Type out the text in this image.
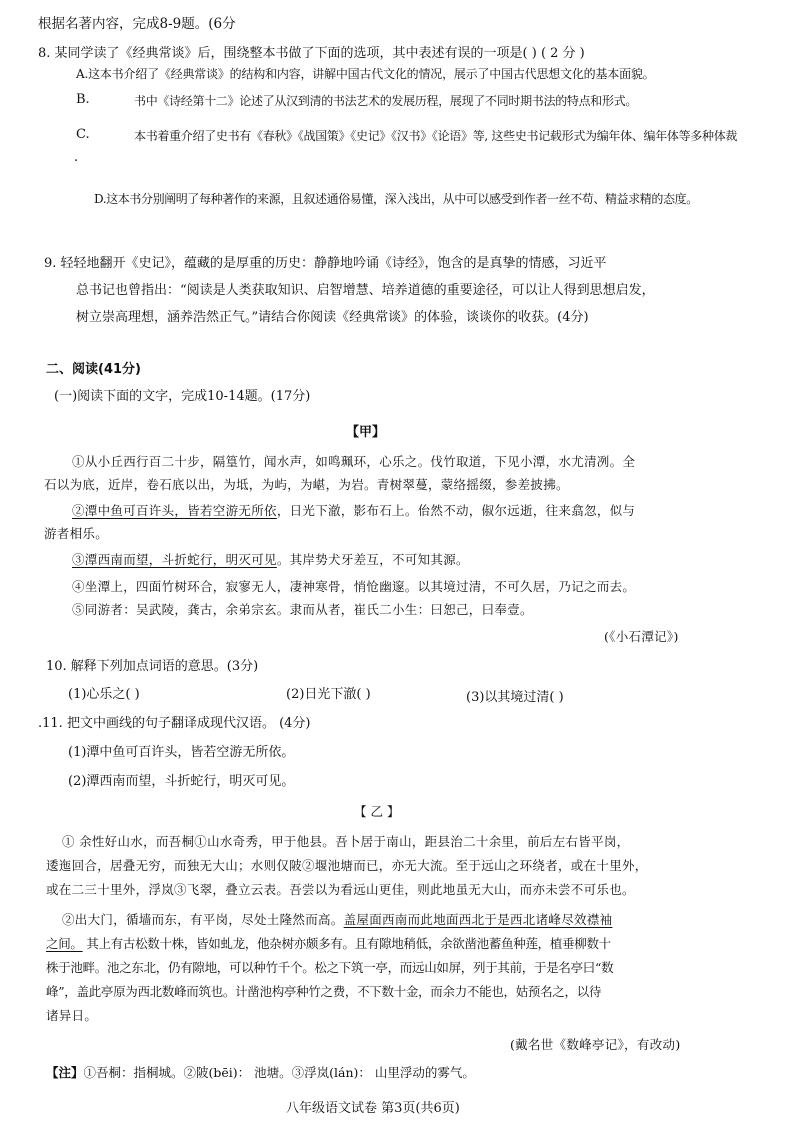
根据名著内容，完成8-9题。(6分
8. 某同学读了《经典常谈》后，围绕整本书做了下面的选项，其中表述有误的一项是( ) ( 2 分 )
A.这本书介绍了《经典常谈》的结构和内容，讲解中国古代文化的情况，展示了中国古代思想文化的基本面貌。
B.	书中《诗经第十二》论述了从汉到清的书法艺术的发展历程，展现了不同时期书法的特点和形式。
C.	本书着重介绍了史书有《春秋》《战国策》《史记》《汉书》《论语》等, 这些史书记载形式为编年体、编年体等多种体裁
.
D.这本书分别阐明了每种著作的来源，且叙述通俗易懂，深入浅出，从中可以感受到作者一丝不苟、精益求精的态度。
9. 轻轻地翻开《史记》，蕴藏的是厚重的历史：静静地吟诵《诗经》，饱含的是真挚的情感，习近平
总书记也曾指出：“阅读是人类获取知识、启智增慧、培养道德的重要途径，可以让人得到思想启发，
树立崇高理想，涵养浩然正气。”请结合你阅读《经典常谈》的体验，谈谈你的收获。(4分)
二、阅读(41分)
(一)阅读下面的文字，完成10-14题。(17分)
【甲】
①从小丘西行百二十步，隔篁竹，闻水声，如鸣珮环，心乐之。伐竹取道，下见小潭，水尤清冽。全
石以为底，近岸，卷石底以出，为坻，为屿，为嵁，为岩。青树翠蔓，蒙络摇缀，参差披拂。
②潭中鱼可百许头，皆若空游无所依，日光下澈，影布石上。佁然不动，俶尔远逝，往来翕忽，似与
游者相乐。
③潭西南而望，斗折蛇行，明灭可见。其岸势犬牙差互，不可知其源。
④坐潭上，四面竹树环合，寂寥无人，凄神寒骨，悄怆幽邃。以其境过清，不可久居，乃记之而去。
⑤同游者：吴武陵，龚古，余弟宗玄。隶而从者，崔氏二小生：曰恕己，曰奉壹。
(《小石潭记》)
10. 解释下列加点词语的意思。(3分)
(1)心乐之( )	(2)日光下澈( )	(3)以其境过清( )
.11. 把文中画线的句子翻译成现代汉语。 (4分)
(1)潭中鱼可百许头，皆若空游无所依。
(2)潭西南而望，斗折蛇行，明灭可见。
【 乙 】
① 余性好山水，而吾桐①山水奇秀，甲于他县。吾卜居于南山，距县治二十余里，前后左右皆平岗，
逶迤回合，居叠无穷，而独无大山；水则仅陂②堰池塘而已，亦无大流。至于远山之环绕者，或在十里外，
或在二三十里外，浮岚③飞翠，叠立云表。吾尝以为看远山更佳，则此地虽无大山，而亦未尝不可乐也。
②出大门，循墙而东，有平岗，尽处土隆然而高。盖屋面西南而此地面西北于是西北诸峰尽效襟袖
之间。 其上有古松数十株，皆如虬龙，他杂树亦颇多有。且有隙地稍低，余欲凿池蓄鱼种莲，植垂柳数十
株于池畔。池之东北，仍有隙地，可以种竹千个。松之下筑一亭，而远山如屏，列于其前，于是名亭曰“数
峰”，盖此亭原为西北数峰而筑也。计凿池构亭种竹之费，不下数十金，而余力不能也，姑预名之，以待
诸异日。
(戴名世《数峰亭记》，有改动)
【注】①吾桐：指桐城。②陂(bēi)： 池塘。③浮岚(lán)： 山里浮动的雾气。
八年级语文试卷 第3页(共6页)
